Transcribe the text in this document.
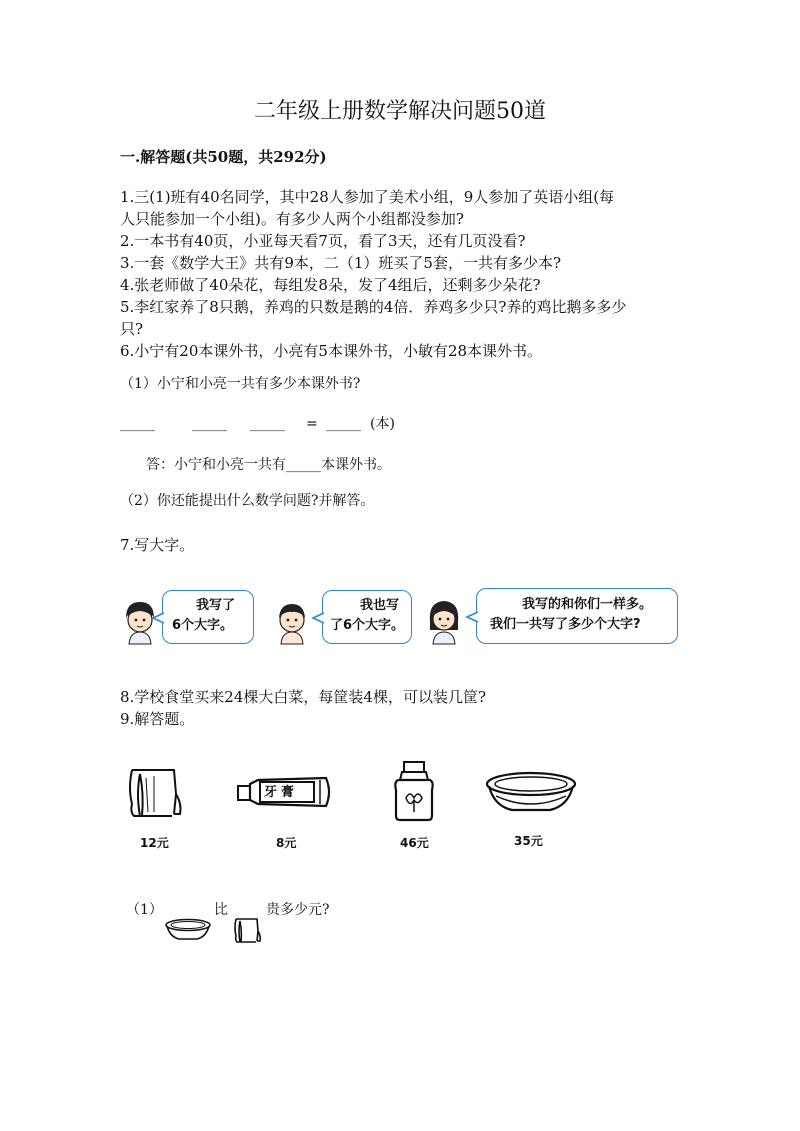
二年级上册数学解决问题50道
一.解答题(共50题，共292分)
1.三(1)班有40名同学，其中28人参加了美术小组，9人参加了英语小组(每
人只能参加一个小组)。有多少人两个小组都没参加?
2.一本书有40页，小亚每天看7页，看了3天，还有几页没看?
3.一套《数学大王》共有9本，二（1）班买了5套，一共有多少本?
4.张老师做了40朵花，每组发8朵，发了4组后，还剩多少朵花?
5.李红家养了8只鹅，养鸡的只数是鹅的4倍．养鸡多少只?养的鸡比鹅多多少
只?
6.小宁有20本课外书，小亮有5本课外书，小敏有28本课外书。
（1）小宁和小亮一共有多少本课外书?
_____	_____ _____ = _____ (本)
答：小宁和小亮一共有_____本课外书。
（2）你还能提出什么数学问题?并解答。
7.写大字。
我写了
6个大字。
我也写
了6个大字。
我写的和你们一样多。
我们一共写了多少个大字?
8.学校食堂买来24棵大白菜，每筐装4棵，可以装几筐?
9.解答题。
12元
牙膏
8元	46元	35元
（1）	比	贵多少元?
